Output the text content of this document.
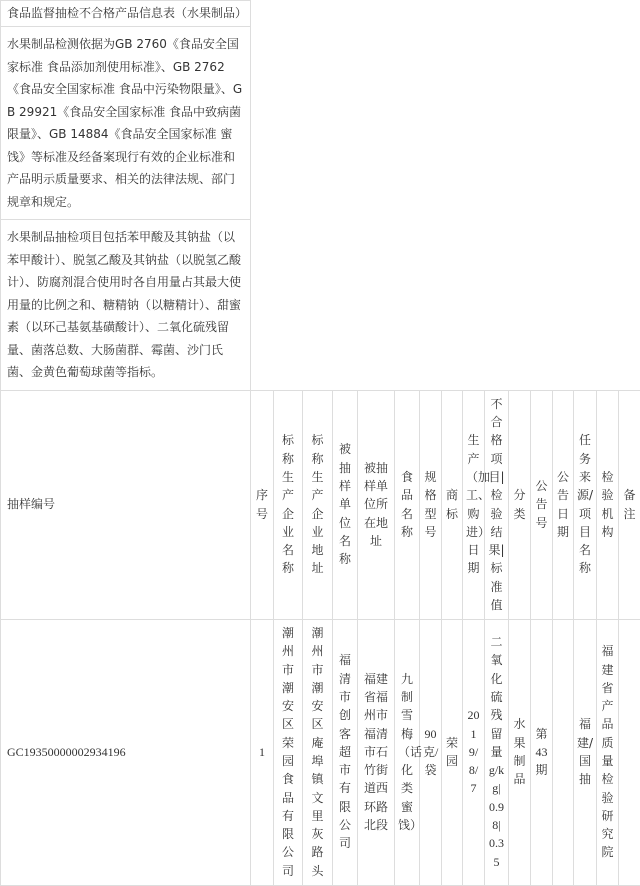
食品监督抽检不合格产品信息表（水果制品）																
水果制品检测依据为GB 2760《食品安全国家标准 食品添加剂使用标准》、GB 2762《食品安全国家标准 食品中污染物限量》、GB 29921《食品安全国家标准 食品中致病菌限量》、GB 14884《食品安全国家标准 蜜饯》等标准及经备案现行有效的企业标准和产品明示质量要求、相关的法律法规、部门规章和规定。																
水果制品抽检项目包括苯甲酸及其钠盐（以苯甲酸计）、脱氢乙酸及其钠盐（以脱氢乙酸计）、防腐剂混合使用时各自用量占其最大使用量的比例之和、糖精钠（以糖精计）、甜蜜素（以环己基氨基磺酸计）、二氧化硫残留量、菌落总数、大肠菌群、霉菌、沙门氏菌、金黄色葡萄球菌等指标。																
抽样编号	序号	标称生产企业名称	标称生产企业地址	被抽样单位名称	被抽样单位所在地址	食品名称	规格型号	商标	生产（加工、购进）日期	不合格项目|检验结果|标准值	分类	公告号	公告日期	任务来源/项目名称	检验机构	备注
GC19350000002934196	1	潮州市潮安区荣园食品有限公司	潮州市潮安区庵埠镇文里灰路头	福清市创客超市有限公司	福建省福州市福清市石竹街道西环路北段	九制雪梅（话化类蜜饯）	90克/袋	荣园	2019/8/7	二氧化硫残留量g/kg|0.98|0.35	水果制品	第43期		福建/国抽	福建省产品质量检验研究院	
